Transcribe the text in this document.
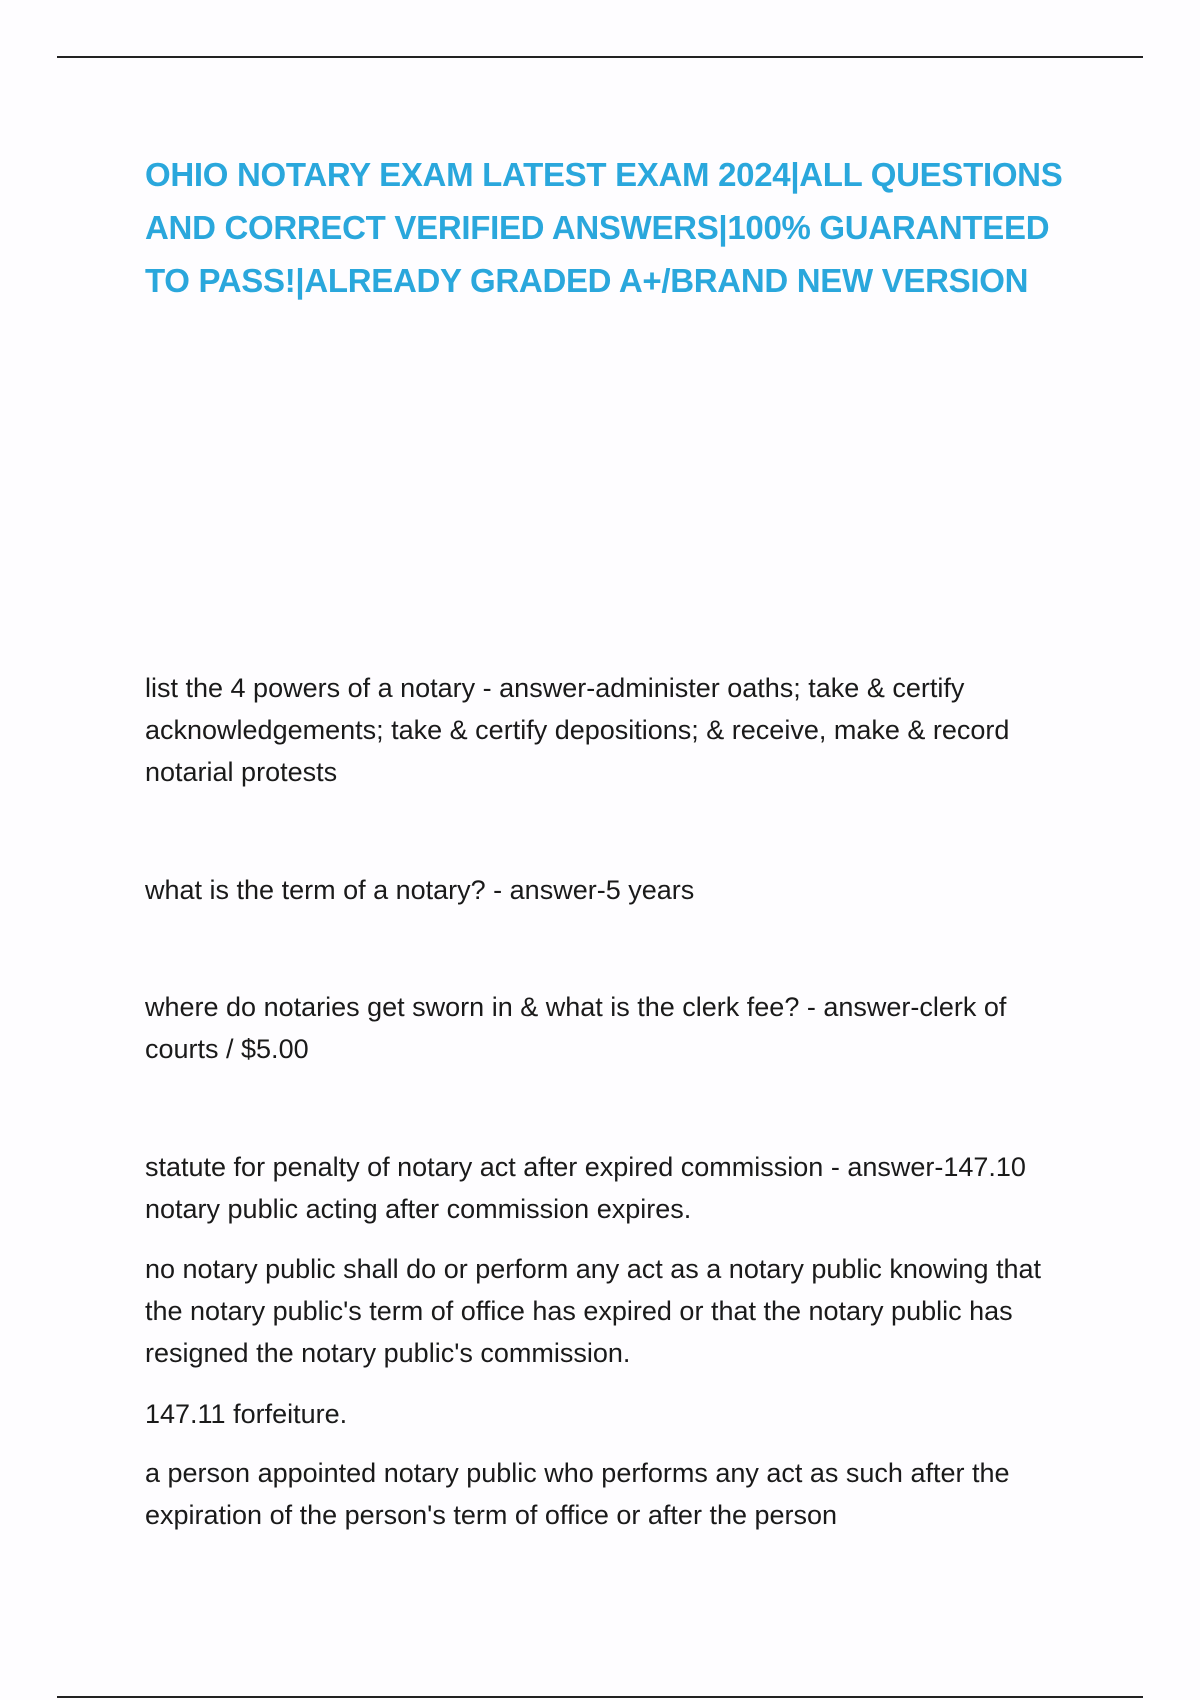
OHIO NOTARY EXAM LATEST EXAM 2024|ALL QUESTIONS AND CORRECT VERIFIED ANSWERS|100% GUARANTEED TO PASS!|ALREADY GRADED A+/BRAND NEW VERSION

list the 4 powers of a notary - answer-administer oaths; take & certify acknowledgements; take & certify depositions; & receive, make & record notarial protests

what is the term of a notary? - answer-5 years

where do notaries get sworn in & what is the clerk fee? - answer-clerk of courts / $5.00

statute for penalty of notary act after expired commission - answer-147.10 notary public acting after commission expires.

no notary public shall do or perform any act as a notary public knowing that the notary public's term of office has expired or that the notary public has resigned the notary public's commission.

147.11 forfeiture.

a person appointed notary public who performs any act as such after the expiration of the person's term of office or after the person
